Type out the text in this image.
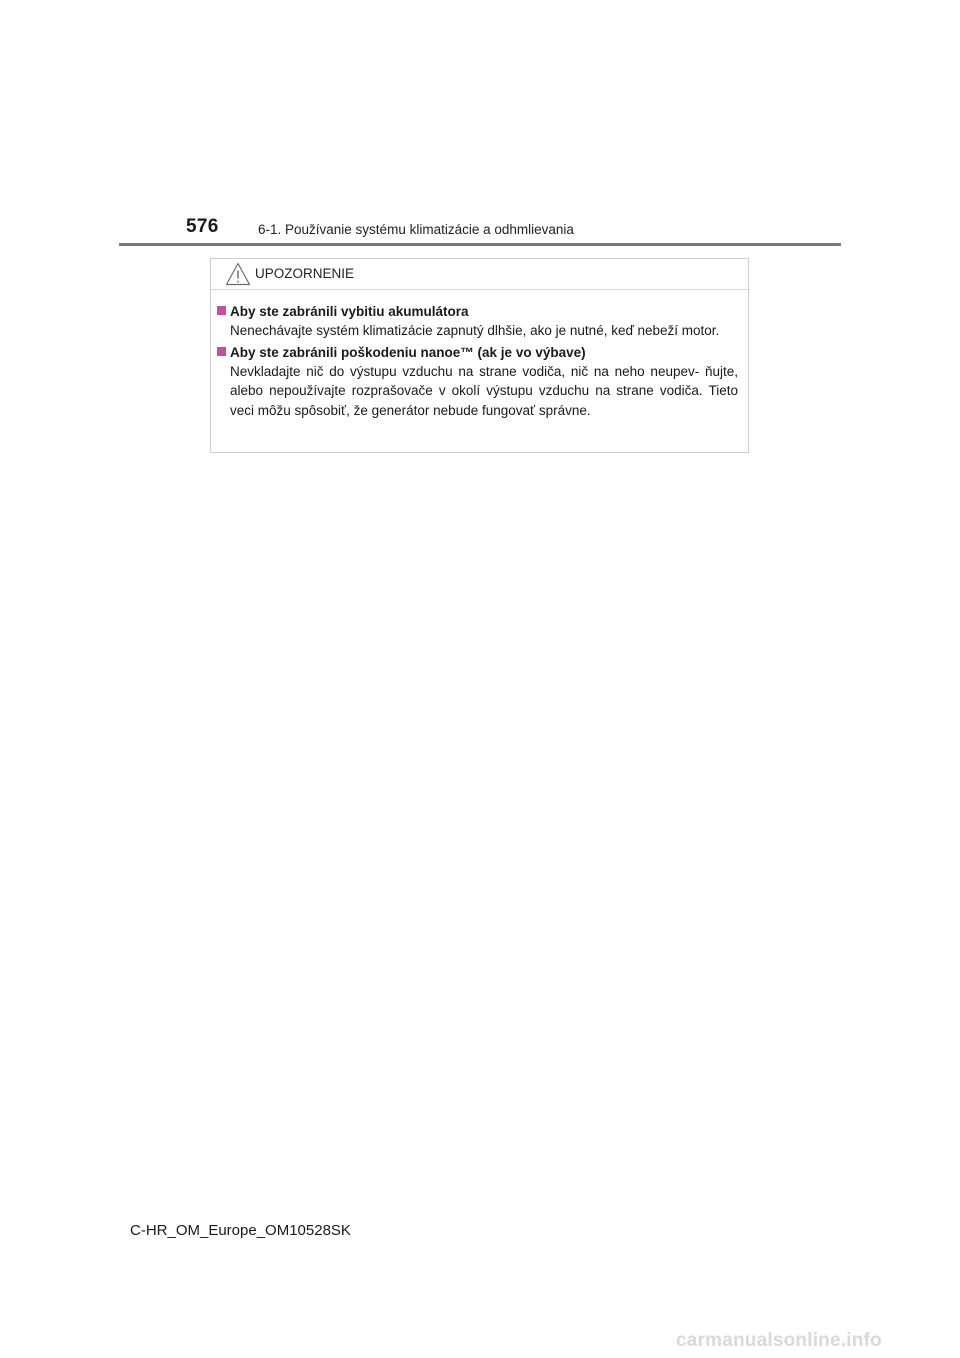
576	6-1. Používanie systému klimatizácie a odhmlievania
UPOZORNENIE
Aby ste zabránili vybitiu akumulátora
Nenechávajte systém klimatizácie zapnutý dlhšie, ako je nutné, keď nebeží motor.
Aby ste zabránili poškodeniu nanoe™ (ak je vo výbave)
Nevkladajte nič do výstupu vzduchu na strane vodiča, nič na neho neupev- ňujte, alebo nepoužívajte rozprašovače v okolí výstupu vzduchu na strane vodiča. Tieto veci môžu spôsobiť, že generátor nebude fungovať správne.
C-HR_OM_Europe_OM10528SK
carmanualsonline.info
